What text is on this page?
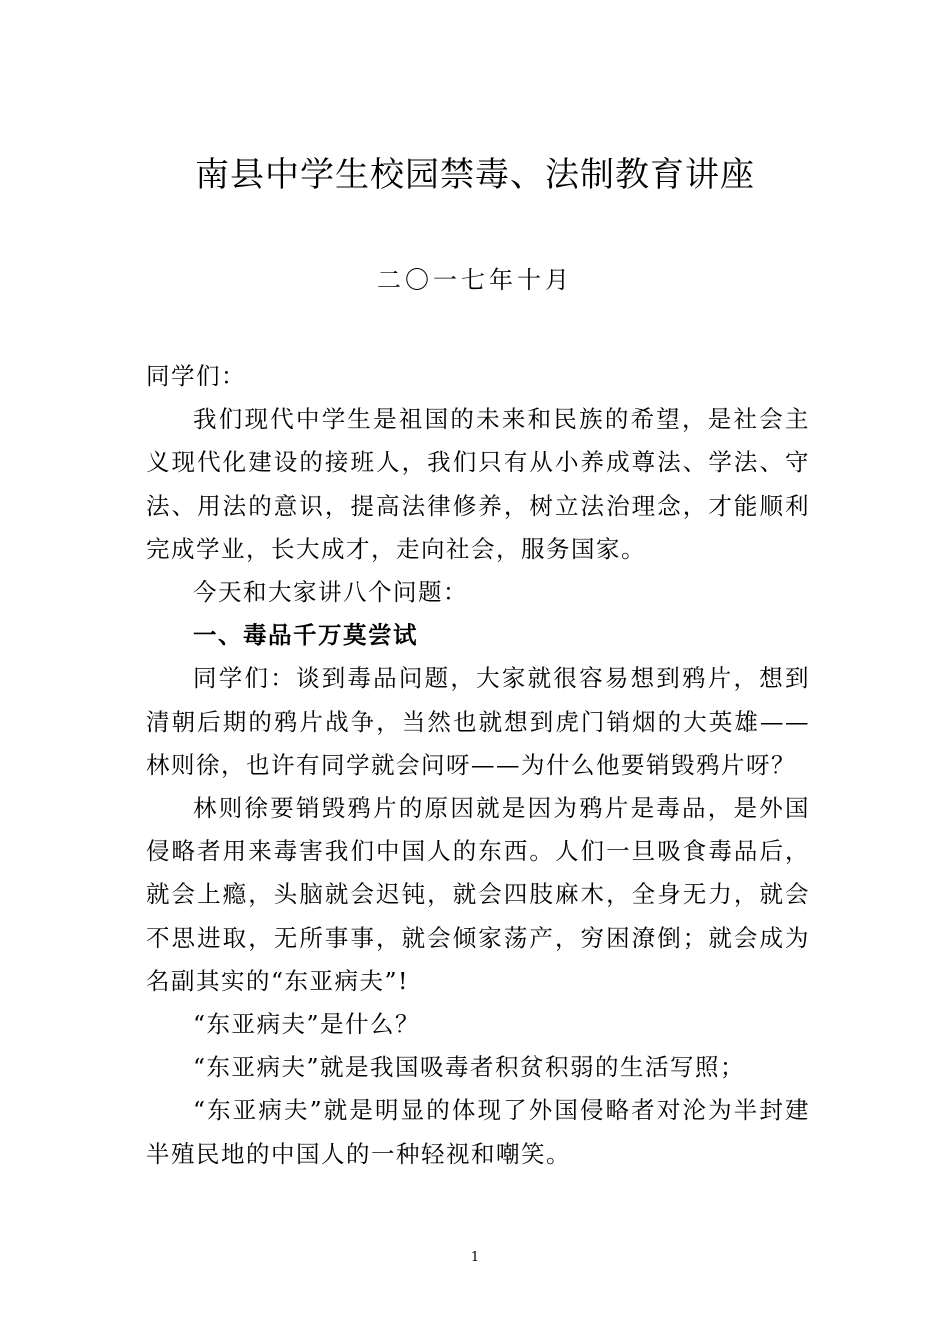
南县中学生校园禁毒、法制教育讲座
二〇一七年十月

同学们：

我们现代中学生是祖国的未来和民族的希望，是社会主义现代化建设的接班人，我们只有从小养成尊法、学法、守法、用法的意识，提高法律修养，树立法治理念，才能顺利完成学业，长大成才，走向社会，服务国家。

今天和大家讲八个问题：

一、毒品千万莫尝试

同学们：谈到毒品问题，大家就很容易想到鸦片，想到清朝后期的鸦片战争，当然也就想到虎门销烟的大英雄——林则徐，也许有同学就会问呀——为什么他要销毁鸦片呀？

林则徐要销毁鸦片的原因就是因为鸦片是毒品，是外国侵略者用来毒害我们中国人的东西。人们一旦吸食毒品后，就会上瘾，头脑就会迟钝，就会四肢麻木，全身无力，就会不思进取，无所事事，就会倾家荡产，穷困潦倒；就会成为名副其实的“东亚病夫”!

“东亚病夫”是什么？

“东亚病夫”就是我国吸毒者积贫积弱的生活写照；

“东亚病夫”就是明显的体现了外国侵略者对沦为半封建半殖民地的中国人的一种轻视和嘲笑。

1
